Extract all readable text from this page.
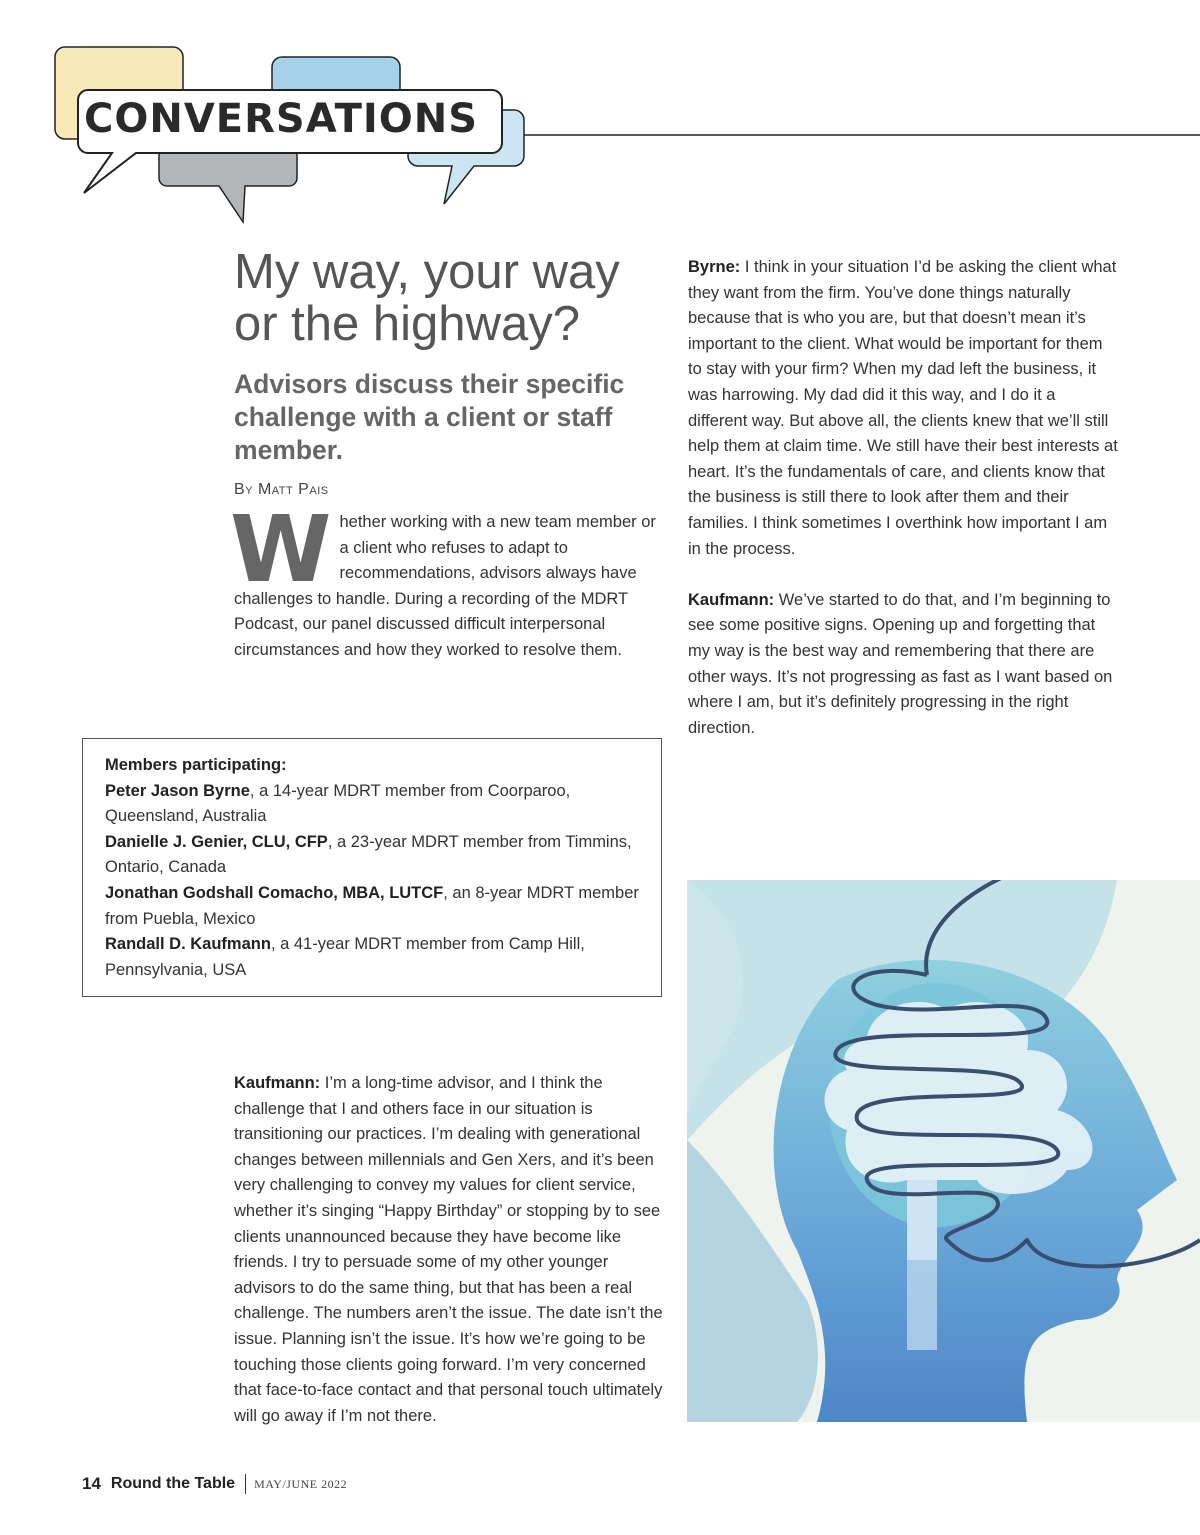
CONVERSATIONS
My way, your way or the highway?
Advisors discuss their specific challenge with a client or staff member.
By Matt Pais
Whether working with a new team member or a client who refuses to adapt to recommendations, advisors always have challenges to handle. During a recording of the MDRT Podcast, our panel discussed difficult interpersonal circumstances and how they worked to resolve them.
Members participating:
Peter Jason Byrne, a 14-year MDRT member from Coorparoo, Queensland, Australia
Danielle J. Genier, CLU, CFP, a 23-year MDRT member from Timmins, Ontario, Canada
Jonathan Godshall Comacho, MBA, LUTCF, an 8-year MDRT member from Puebla, Mexico
Randall D. Kaufmann, a 41-year MDRT member from Camp Hill, Pennsylvania, USA
Kaufmann: I’m a long-time advisor, and I think the challenge that I and others face in our situation is transitioning our practices. I’m dealing with generational changes between millennials and Gen Xers, and it’s been very challenging to convey my values for client service, whether it’s singing “Happy Birthday” or stopping by to see clients unannounced because they have become like friends. I try to persuade some of my other younger advisors to do the same thing, but that has been a real challenge. The numbers aren’t the issue. The date isn’t the issue. Planning isn’t the issue. It’s how we’re going to be touching those clients going forward. I’m very concerned that face-to-face contact and that personal touch ultimately will go away if I’m not there.

Byrne: I think in your situation I’d be asking the client what they want from the firm. You’ve done things naturally because that is who you are, but that doesn’t mean it’s important to the client. What would be important for them to stay with your firm? When my dad left the business, it was harrowing. My dad did it this way, and I do it a different way. But above all, the clients knew that we’ll still help them at claim time. We still have their best interests at heart. It’s the fundamentals of care, and clients know that the business is still there to look after them and their families. I think sometimes I overthink how important I am in the process.

Kaufmann: We’ve started to do that, and I’m beginning to see some positive signs. Opening up and forgetting that my way is the best way and remembering that there are other ways. It’s not progressing as fast as I want based on where I am, but it’s definitely progressing in the right direction.

14 Round the Table MAY/JUNE 2022
